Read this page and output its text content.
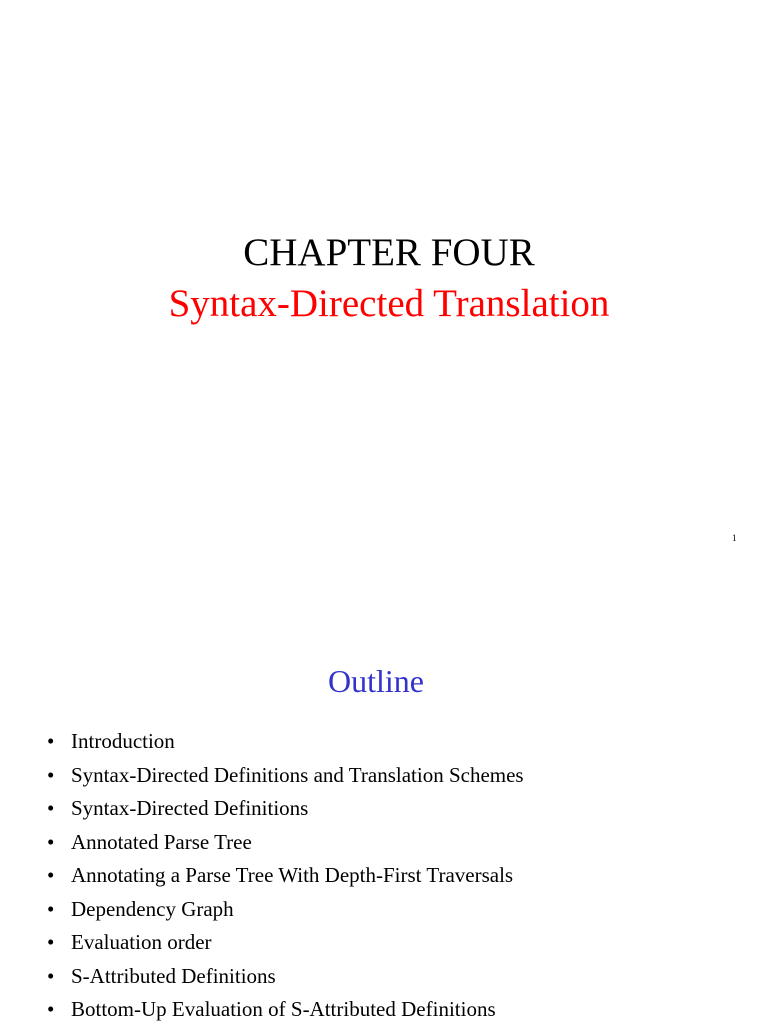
CHAPTER FOUR
Syntax-Directed Translation
1
Outline
• Introduction
• Syntax-Directed Definitions and Translation Schemes
• Syntax-Directed Definitions
• Annotated Parse Tree
• Annotating a Parse Tree With Depth-First Traversals
• Dependency Graph
• Evaluation order
• S-Attributed Definitions
• Bottom-Up Evaluation of S-Attributed Definitions
